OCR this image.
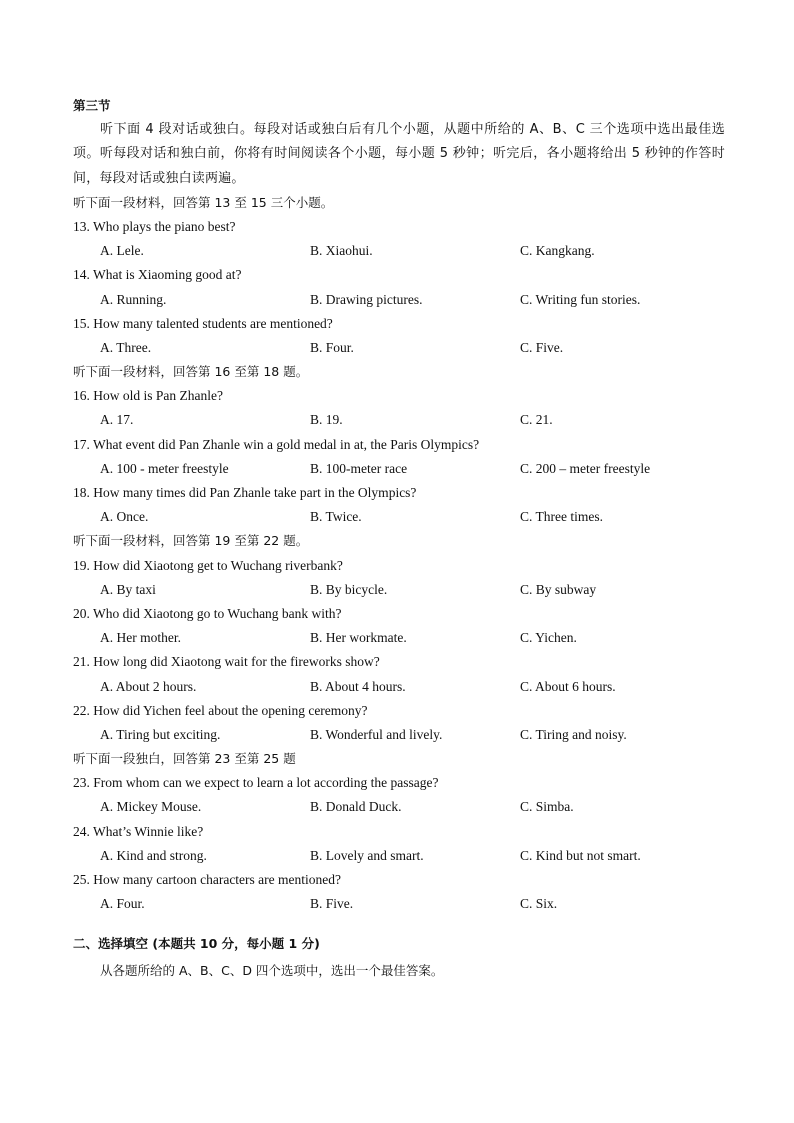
第三节
听下面 4 段对话或独白。每段对话或独白后有几个小题，从题中所给的 A、B、C 三个选项中选出最佳选项。听每段对话和独白前，你将有时间阅读各个小题，每小题 5 秒钟；听完后，各小题将给出 5 秒钟的作答时间，每段对话或独白读两遍。
听下面一段材料，回答第 13 至 15 三个小题。
13. Who plays the piano best?
A. Lele.	B. Xiaohui.	C. Kangkang.
14. What is Xiaoming good at?
A. Running.	B. Drawing pictures.	C. Writing fun stories.
15. How many talented students are mentioned?
A. Three.	B. Four.	C. Five.
听下面一段材料，回答第 16 至第 18 题。
16. How old is Pan Zhanle?
A. 17.	B. 19.	C. 21.
17. What event did Pan Zhanle win a gold medal in at, the Paris Olympics?
A. 100 - meter freestyle	B. 100-meter race	C. 200 – meter freestyle
18. How many times did Pan Zhanle take part in the Olympics?
A. Once.	B. Twice.	C. Three times.
听下面一段材料，回答第 19 至第 22 题。
19. How did Xiaotong get to Wuchang riverbank?
A. By taxi	B. By bicycle.	C. By subway
20. Who did Xiaotong go to Wuchang bank with?
A. Her mother.	B. Her workmate.	C. Yichen.
21. How long did Xiaotong wait for the fireworks show?
A. About 2 hours.	B. About 4 hours.	C. About 6 hours.
22. How did Yichen feel about the opening ceremony?
A. Tiring but exciting.	B. Wonderful and lively.	C. Tiring and noisy.
听下面一段独白，回答第 23 至第 25 题
23. From whom can we expect to learn a lot according the passage?
A. Mickey Mouse.	B. Donald Duck.	C. Simba.
24. What’s Winnie like?
A. Kind and strong.	B. Lovely and smart.	C. Kind but not smart.
25. How many cartoon characters are mentioned?
A. Four.	B. Five.	C. Six.
二、选择填空 (本题共 10 分，每小题 1 分)
从各题所给的 A、B、C、D 四个选项中，选出一个最佳答案。
